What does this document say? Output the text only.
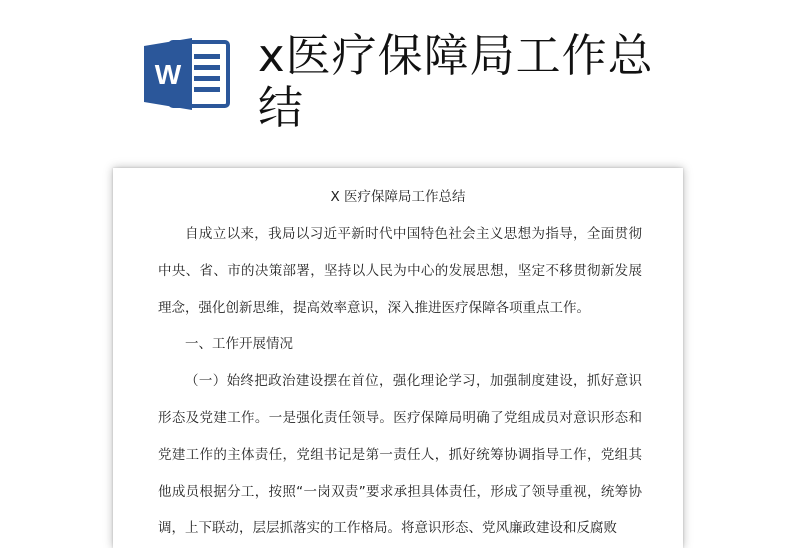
W x医疗保障局工作总结
X 医疗保障局工作总结

自成立以来，我局以习近平新时代中国特色社会主义思想为指导，全面贯彻中央、省、市的决策部署，坚持以人民为中心的发展思想，坚定不移贯彻新发展理念，强化创新思维，提高效率意识，深入推进医疗保障各项重点工作。

一、工作开展情况

（一）始终把政治建设摆在首位，强化理论学习，加强制度建设，抓好意识形态及党建工作。一是强化责任领导。医疗保障局明确了党组成员对意识形态和党建工作的主体责任，党组书记是第一责任人，抓好统筹协调指导工作，党组其他成员根据分工，按照“一岗双责”要求承担具体责任，形成了领导重视，统筹协调，上下联动，层层抓落实的工作格局。将意识形态、党风廉政建设和反腐败
